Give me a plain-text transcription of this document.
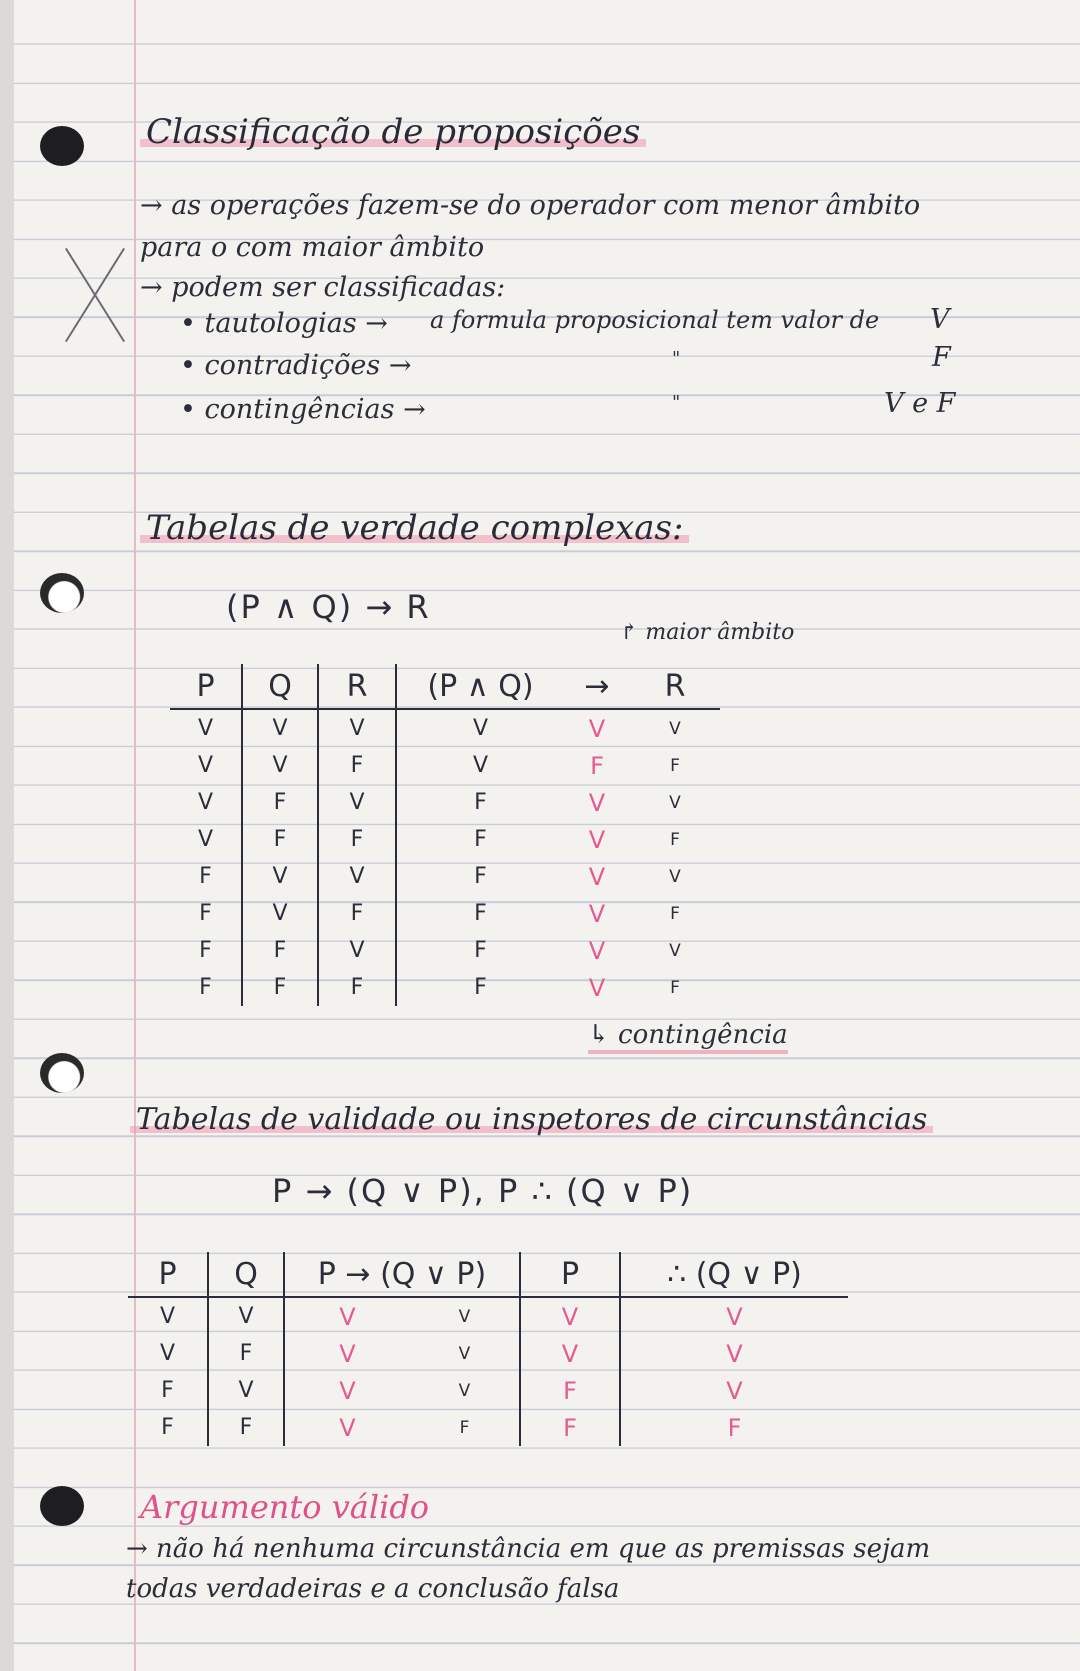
Classificação de proposições
→ as operações fazem-se do operador com menor âmbito
para o com maior âmbito
→ podem ser classificadas:
• tautologias → a formula proposicional tem valor de V
• contradições →	"	F
• contingências →	"	V e F
Tabelas de verdade complexas:
(P ∧ Q) → R
↱ maior âmbito
P	Q	R	(P ∧ Q)	→	R
V	V	V	V	V	V
V	V	F	V	F	F
V	F	V	F	V	V
V	F	F	F	V	F
F	V	V	F	V	V
F	V	F	F	V	F
F	F	V	F	V	V
F	F	F	F	V	F
↳ contingência
Tabelas de validade ou inspetores de circunstâncias
P → (Q ∨ P), P ∴ (Q ∨ P)
P	Q	P → (Q ∨ P)		P	∴ (Q ∨ P)
V	V	V	V	V	V
V	F	V	V	V	V
F	V	V	V	F	V
F	F	V	F	F	F
Argumento válido
→ não há nenhuma circunstância em que as premissas sejam
todas verdadeiras e a conclusão falsa
